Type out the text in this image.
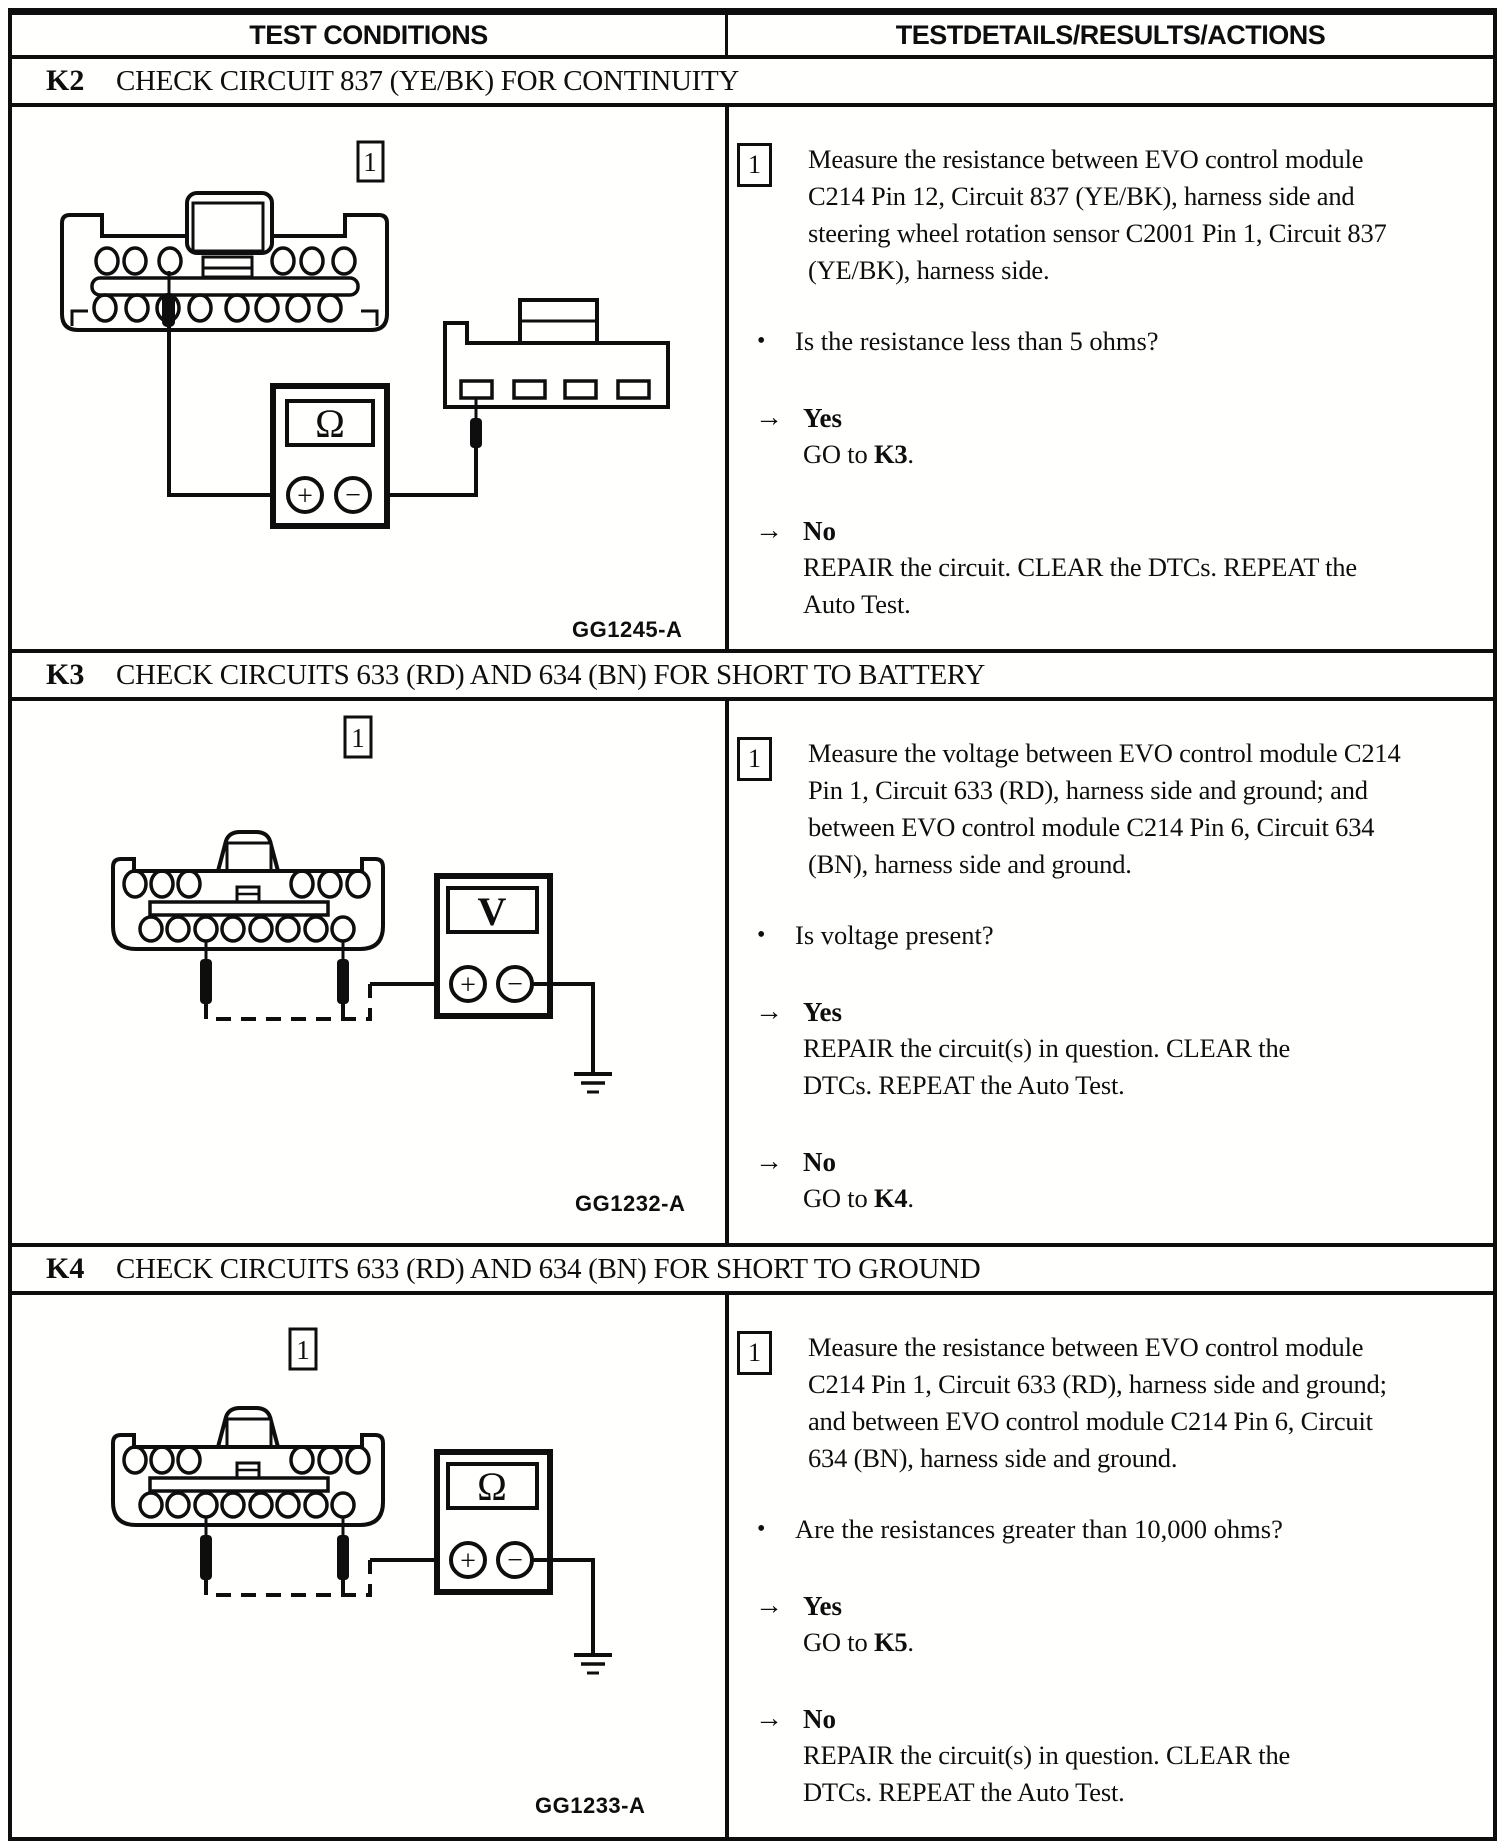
TEST CONDITIONS	TESTDETAILS/RESULTS/ACTIONS
K2	CHECK CIRCUIT 837 (YE/BK) FOR CONTINUITY
1
Ω
+ −
GG1245-A
1	Measure the resistance between EVO control module C214 Pin 12, Circuit 837 (YE/BK), harness side and steering wheel rotation sensor C2001 Pin 1, Circuit 837 (YE/BK), harness side.
•	Is the resistance less than 5 ohms?
→ Yes
GO to K3.
→ No
REPAIR the circuit. CLEAR the DTCs. REPEAT the Auto Test.
K3	CHECK CIRCUITS 633 (RD) AND 634 (BN) FOR SHORT TO BATTERY
1
V
+ −
GG1232-A
1	Measure the voltage between EVO control module C214 Pin 1, Circuit 633 (RD), harness side and ground; and between EVO control module C214 Pin 6, Circuit 634 (BN), harness side and ground.
•	Is voltage present?
→ Yes
REPAIR the circuit(s) in question. CLEAR the DTCs. REPEAT the Auto Test.
→ No
GO to K4.
K4	CHECK CIRCUITS 633 (RD) AND 634 (BN) FOR SHORT TO GROUND
1
Ω
+ −
GG1233-A
1	Measure the resistance between EVO control module C214 Pin 1, Circuit 633 (RD), harness side and ground; and between EVO control module C214 Pin 6, Circuit 634 (BN), harness side and ground.
•	Are the resistances greater than 10,000 ohms?
→ Yes
GO to K5.
→ No
REPAIR the circuit(s) in question. CLEAR the DTCs. REPEAT the Auto Test.
